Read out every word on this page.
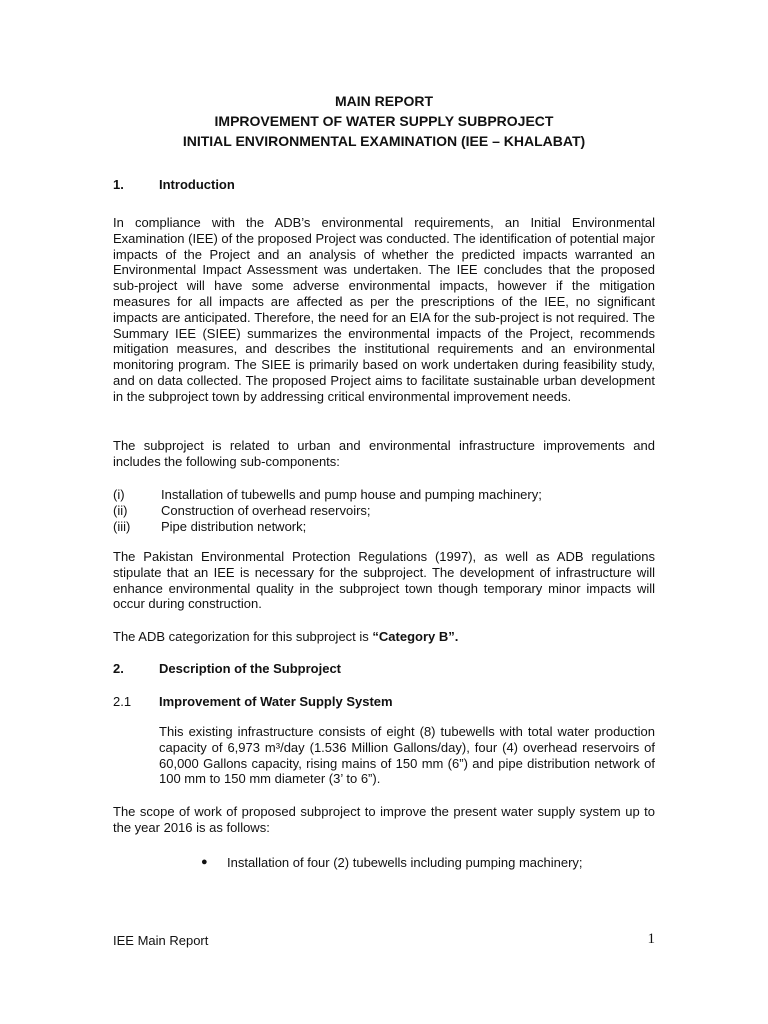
MAIN REPORT
IMPROVEMENT OF WATER SUPPLY SUBPROJECT
INITIAL ENVIRONMENTAL EXAMINATION (IEE – KHALABAT)
1.	Introduction

In compliance with the ADB’s environmental requirements, an Initial Environmental Examination (IEE) of the proposed Project was conducted. The identification of potential major impacts of the Project and an analysis of whether the predicted impacts warranted an Environmental Impact Assessment was undertaken. The IEE concludes that the proposed sub-project will have some adverse environmental impacts, however if the mitigation measures for all impacts are affected as per the prescriptions of the IEE, no significant impacts are anticipated. Therefore, the need for an EIA for the sub-project is not required. The Summary IEE (SIEE) summarizes the environmental impacts of the Project, recommends mitigation measures, and describes the institutional requirements and an environmental monitoring program. The SIEE is primarily based on work undertaken during feasibility study, and on data collected. The proposed Project aims to facilitate sustainable urban development in the subproject town by addressing critical environmental improvement needs.

The subproject is related to urban and environmental infrastructure improvements and includes the following sub-components:

(i)	Installation of tubewells and pump house and pumping machinery;
(ii)	Construction of overhead reservoirs;
(iii)	Pipe distribution network;

The Pakistan Environmental Protection Regulations (1997), as well as ADB regulations stipulate that an IEE is necessary for the subproject. The development of infrastructure will enhance environmental quality in the subproject town though temporary minor impacts will occur during construction.

The ADB categorization for this subproject is “Category B”.

2.	Description of the Subproject
2.1 Improvement of Water Supply System

This existing infrastructure consists of eight (8) tubewells with total water production capacity of 6,973 m³/day (1.536 Million Gallons/day), four (4) overhead reservoirs of 60,000 Gallons capacity, rising mains of 150 mm (6”) and pipe distribution network of 100 mm to 150 mm diameter (3’ to 6”).

The scope of work of proposed subproject to improve the present water supply system up to the year 2016 is as follows:

●	Installation of four (2) tubewells including pumping machinery;
IEE Main Report	1
